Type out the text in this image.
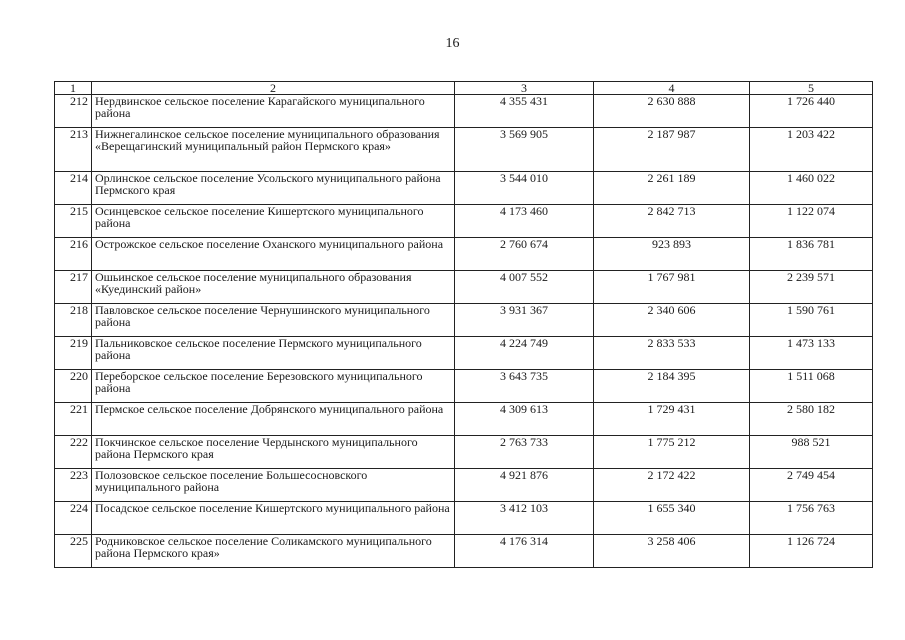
16
1	2	3	4	5
212	Нердвинское сельское поселение Карагайского муниципального района	4 355 431	2 630 888	1 726 440
213	Нижнегалинское сельское поселение муниципального образования «Верещагинский муниципальный район Пермского края»	3 569 905	2 187 987	1 203 422
214	Орлинское сельское поселение Усольского муниципального района Пермского края	3 544 010	2 261 189	1 460 022
215	Осинцевское сельское поселение Кишертского муниципального района	4 173 460	2 842 713	1 122 074
216	Острожское сельское поселение Оханского муниципального района	2 760 674	923 893	1 836 781
217	Ошьинское сельское поселение муниципального образования «Куединский район»	4 007 552	1 767 981	2 239 571
218	Павловское сельское поселение Чернушинского муниципального района	3 931 367	2 340 606	1 590 761
219	Пальниковское сельское поселение Пермского муниципального района	4 224 749	2 833 533	1 473 133
220	Переборское сельское поселение Березовского муниципального района	3 643 735	2 184 395	1 511 068
221	Пермское сельское поселение Добрянского муниципального района	4 309 613	1 729 431	2 580 182
222	Покчинское сельское поселение Чердынского муниципального района Пермского края	2 763 733	1 775 212	988 521
223	Полозовское сельское поселение Большесосновского муниципального района	4 921 876	2 172 422	2 749 454
224	Посадское сельское поселение Кишертского муниципального района	3 412 103	1 655 340	1 756 763
225	Родниковское сельское поселение Соликамского муниципального района Пермского края»	4 176 314	3 258 406	1 126 724
